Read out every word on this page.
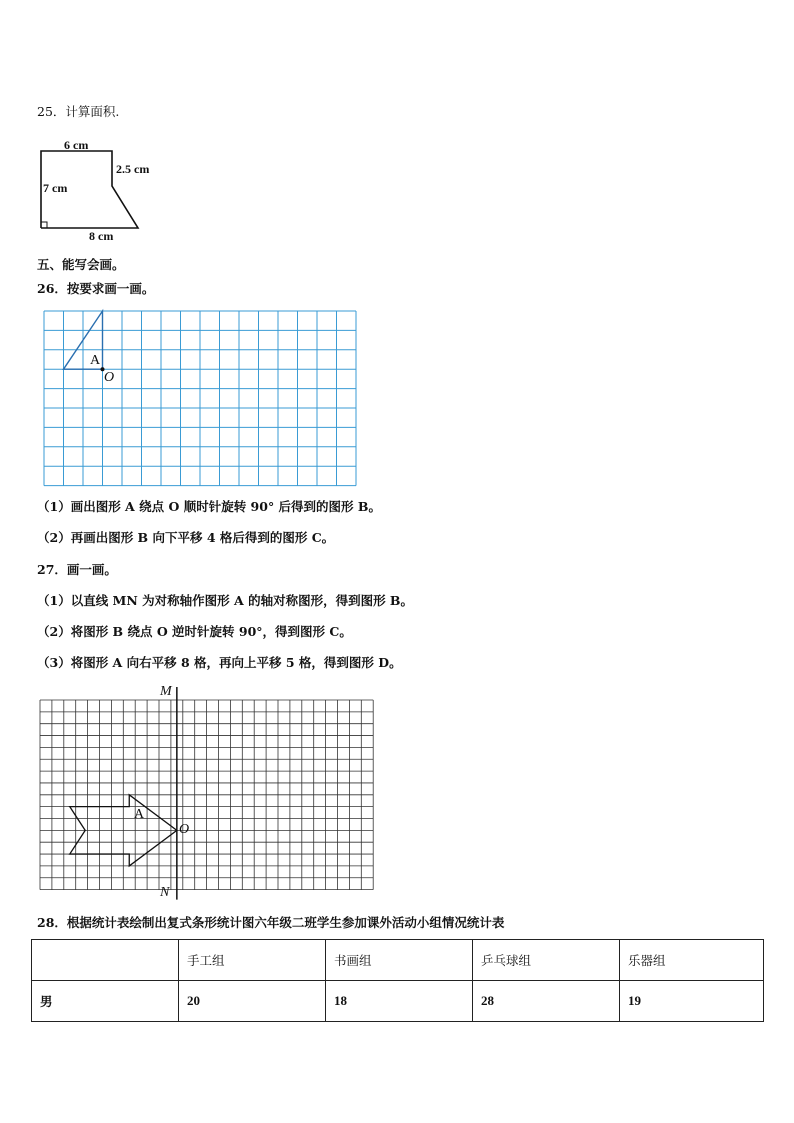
25．计算面积.
6 cm
2.5 cm
7 cm
8 cm
五、能写会画。
26．按要求画一画。
A
O
（1）画出图形 A 绕点 O 顺时针旋转 90° 后得到的图形 B。
（2）再画出图形 B 向下平移 4 格后得到的图形 C。
27．画一画。
（1）以直线 MN 为对称轴作图形 A 的轴对称图形，得到图形 B。
（2）将图形 B 绕点 O 逆时针旋转 90°，得到图形 C。
（3）将图形 A 向右平移 8 格，再向上平移 5 格，得到图形 D。
M
N
A
O
28．根据统计表绘制出复式条形统计图六年级二班学生参加课外活动小组情况统计表
	手工组	书画组	乒乓球组	乐器组
男	20	18	28	19
